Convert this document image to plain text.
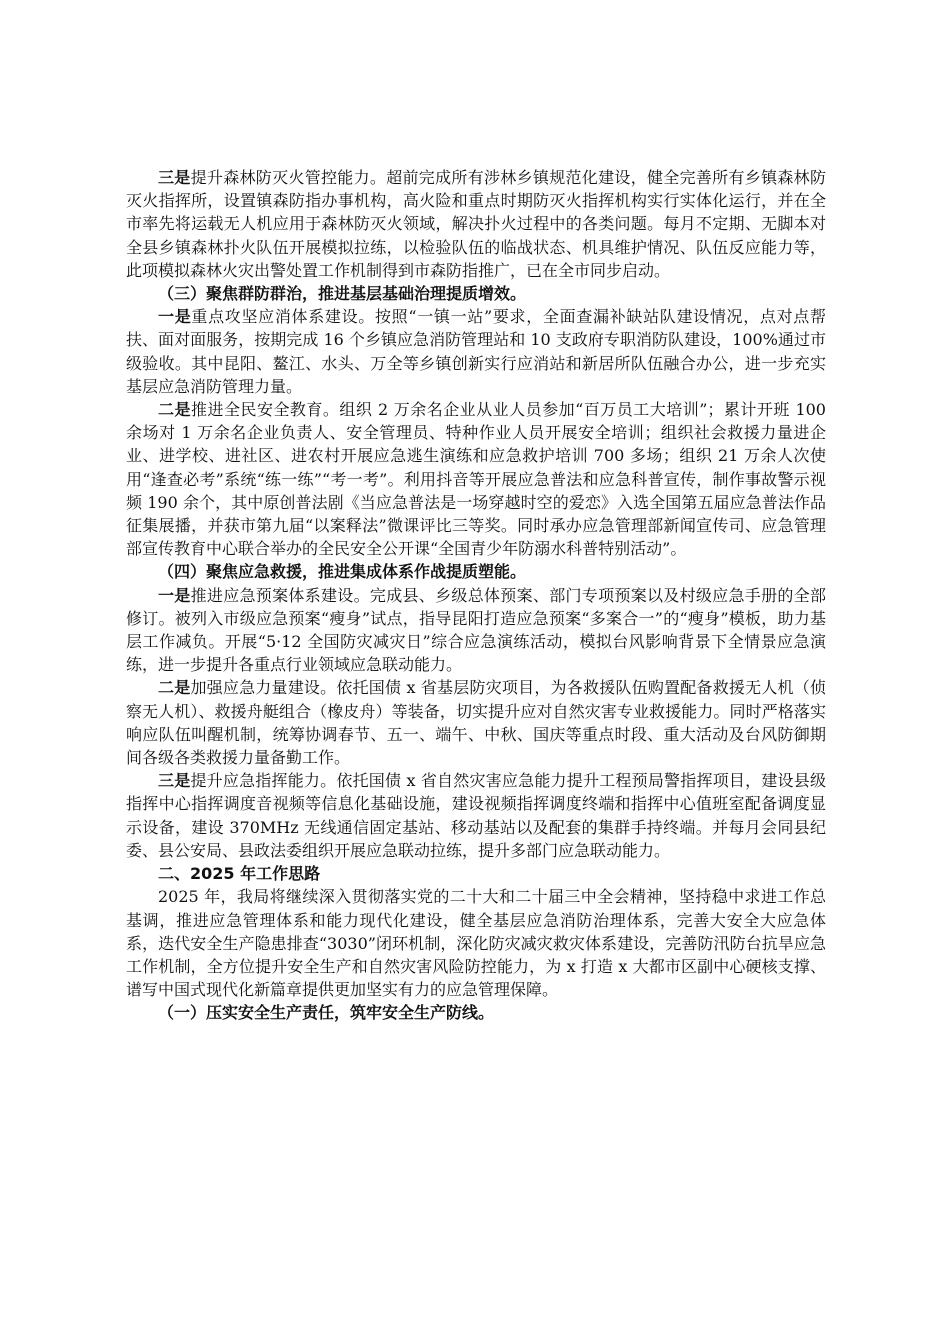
三是提升森林防灭火管控能力。超前完成所有涉林乡镇规范化建设，健全完善所有乡镇森林防灭火指挥所，设置镇森防指办事机构，高火险和重点时期防灭火指挥机构实行实体化运行，并在全市率先将运载无人机应用于森林防灭火领域，解决扑火过程中的各类问题。每月不定期、无脚本对全县乡镇森林扑火队伍开展模拟拉练，以检验队伍的临战状态、机具维护情况、队伍反应能力等，此项模拟森林火灾出警处置工作机制得到市森防指推广，已在全市同步启动。

（三）聚焦群防群治，推进基层基础治理提质增效。

一是重点攻坚应消体系建设。按照“一镇一站”要求，全面查漏补缺站队建设情况，点对点帮扶、面对面服务，按期完成 16 个乡镇应急消防管理站和 10 支政府专职消防队建设，100%通过市级验收。其中昆阳、鳌江、水头、万全等乡镇创新实行应消站和新居所队伍融合办公，进一步充实基层应急消防管理力量。

二是推进全民安全教育。组织 2 万余名企业从业人员参加“百万员工大培训”；累计开班 100 余场对 1 万余名企业负责人、安全管理员、特种作业人员开展安全培训；组织社会救援力量进企业、进学校、进社区、进农村开展应急逃生演练和应急救护培训 700 多场；组织 21 万余人次使用“逢查必考”系统“练一练”“考一考”。利用抖音等开展应急普法和应急科普宣传，制作事故警示视频 190 余个，其中原创普法剧《当应急普法是一场穿越时空的爱恋》入选全国第五届应急普法作品征集展播，并获市第九届“以案释法”微课评比三等奖。同时承办应急管理部新闻宣传司、应急管理部宣传教育中心联合举办的全民安全公开课“全国青少年防溺水科普特别活动”。

（四）聚焦应急救援，推进集成体系作战提质塑能。

一是推进应急预案体系建设。完成县、乡级总体预案、部门专项预案以及村级应急手册的全部修订。被列入市级应急预案“瘦身”试点，指导昆阳打造应急预案“多案合一”的“瘦身”模板，助力基层工作减负。开展“5·12 全国防灾减灾日”综合应急演练活动，模拟台风影响背景下全情景应急演练，进一步提升各重点行业领域应急联动能力。

二是加强应急力量建设。依托国债 x 省基层防灾项目，为各救援队伍购置配备救援无人机（侦察无人机）、救援舟艇组合（橡皮舟）等装备，切实提升应对自然灾害专业救援能力。同时严格落实响应队伍叫醒机制，统筹协调春节、五一、端午、中秋、国庆等重点时段、重大活动及台风防御期间各级各类救援力量备勤工作。

三是提升应急指挥能力。依托国债 x 省自然灾害应急能力提升工程预局警指挥项目，建设县级指挥中心指挥调度音视频等信息化基础设施，建设视频指挥调度终端和指挥中心值班室配备调度显示设备，建设 370MHz 无线通信固定基站、移动基站以及配套的集群手持终端。并每月会同县纪委、县公安局、县政法委组织开展应急联动拉练，提升多部门应急联动能力。

二、2025 年工作思路

2025 年，我局将继续深入贯彻落实党的二十大和二十届三中全会精神，坚持稳中求进工作总基调，推进应急管理体系和能力现代化建设，健全基层应急消防治理体系，完善大安全大应急体系，迭代安全生产隐患排查“3030”闭环机制，深化防灾减灾救灾体系建设，完善防汛防台抗旱应急工作机制，全方位提升安全生产和自然灾害风险防控能力，为 x 打造 x 大都市区副中心硬核支撑、谱写中国式现代化新篇章提供更加坚实有力的应急管理保障。

（一）压实安全生产责任，筑牢安全生产防线。
